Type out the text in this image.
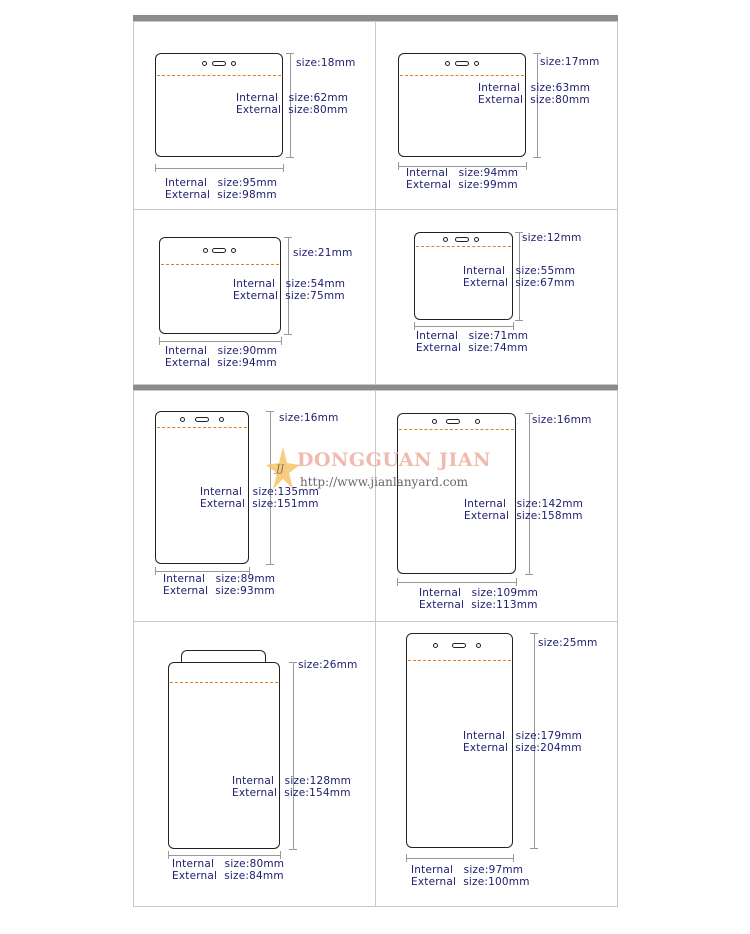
size:18mm
Internal   size:62mm
External  size:80mm
Internal   size:95mm
External  size:98mm
size:17mm
Internal   size:63mm
External  size:80mm
Internal   size:94mm
External  size:99mm
size:21mm
Internal   size:54mm
External  size:75mm
Internal   size:90mm
External  size:94mm
size:12mm
Internal   size:55mm
External  size:67mm
Internal   size:71mm
External  size:74mm
size:16mm
Internal   size:135mm
External  size:151mm
Internal   size:89mm
External  size:93mm
size:16mm
Internal   size:142mm
External  size:158mm
Internal   size:109mm
External  size:113mm
size:26mm
Internal   size:128mm
External  size:154mm
Internal   size:80mm
External  size:84mm
size:25mm
Internal   size:179mm
External  size:204mm
Internal   size:97mm
External  size:100mm
JJ DONGGUAN JIAN
http://www.jianlanyard.com
